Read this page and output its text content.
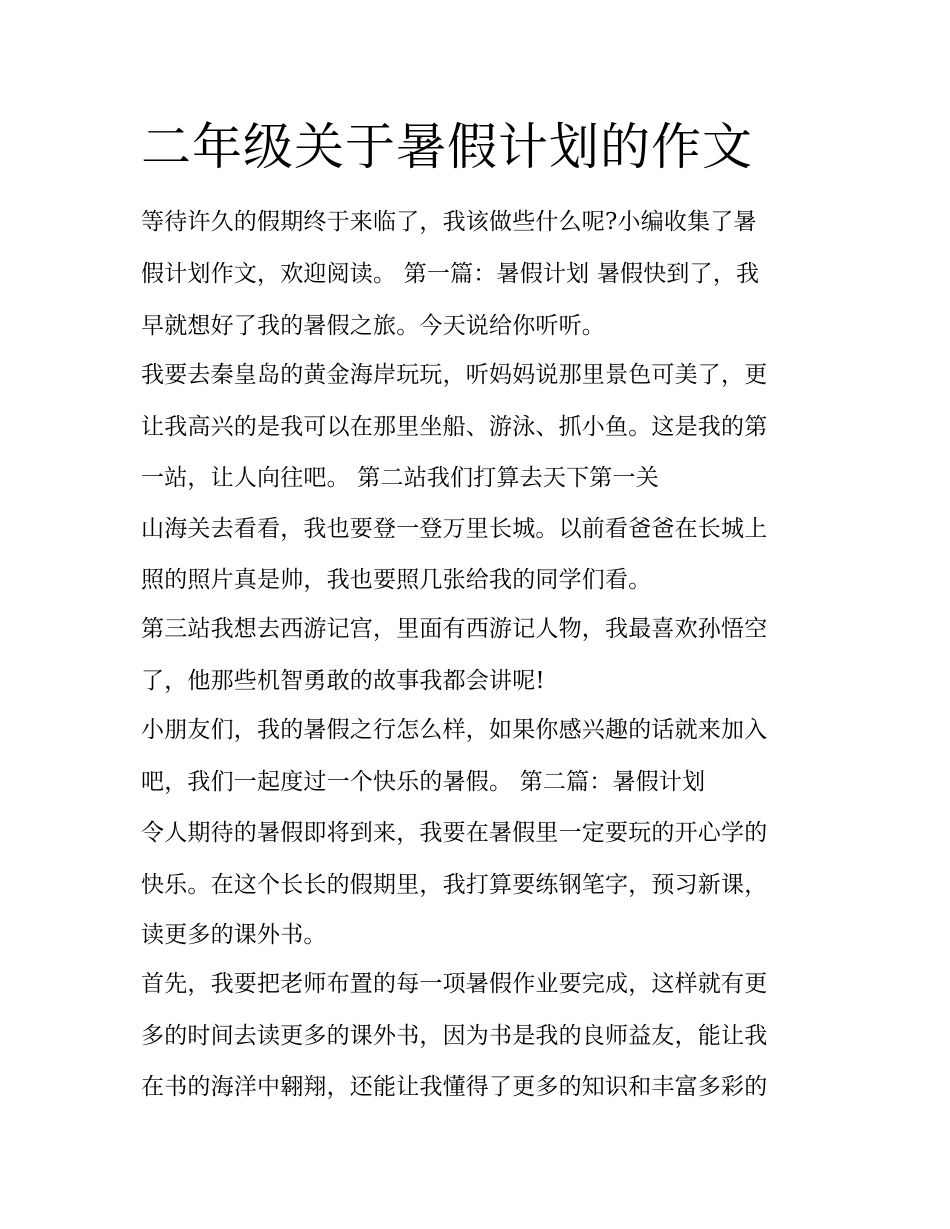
二年级关于暑假计划的作文

等待许久的假期终于来临了，我该做些什么呢?小编收集了暑

假计划作文，欢迎阅读。 第一篇：暑假计划 暑假快到了，我

早就想好了我的暑假之旅。今天说给你听听。

我要去秦皇岛的黄金海岸玩玩，听妈妈说那里景色可美了，更

让我高兴的是我可以在那里坐船、游泳、抓小鱼。这是我的第

一站，让人向往吧。 第二站我们打算去天下第一关

山海关去看看，我也要登一登万里长城。以前看爸爸在长城上

照的照片真是帅，我也要照几张给我的同学们看。

第三站我想去西游记宫，里面有西游记人物，我最喜欢孙悟空

了，他那些机智勇敢的故事我都会讲呢!

小朋友们，我的暑假之行怎么样，如果你感兴趣的话就来加入

吧，我们一起度过一个快乐的暑假。 第二篇：暑假计划

令人期待的暑假即将到来，我要在暑假里一定要玩的开心学的

快乐。在这个长长的假期里，我打算要练钢笔字，预习新课，

读更多的课外书。

首先，我要把老师布置的每一项暑假作业要完成，这样就有更

多的时间去读更多的课外书，因为书是我的良师益友，能让我

在书的海洋中翱翔，还能让我懂得了更多的知识和丰富多彩的
